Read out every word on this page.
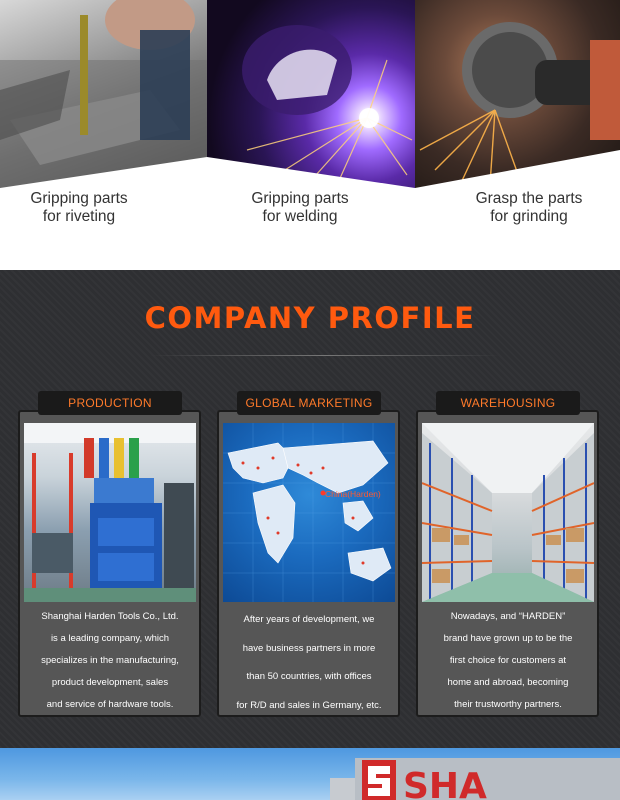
Gripping parts
for riveting
Gripping parts
for welding
Grasp the parts
for grinding
COMPANY PROFILE

Shanghai Harden Tools Co., Ltd.

is a leading company, which

specializes in the manufacturing,

product development, sales

and service of hardware tools.

PRODUCTION
China(Harden)

After years of development, we

have business partners in more

than 50 countries, with offices

for R/D and sales in Germany, etc.

GLOBAL MARKETING

Nowadays, and “HARDEN”

brand have grown up to be the

first choice for customers at

home and abroad, becoming

their trustworthy partners.

WAREHOUSING
SHA
